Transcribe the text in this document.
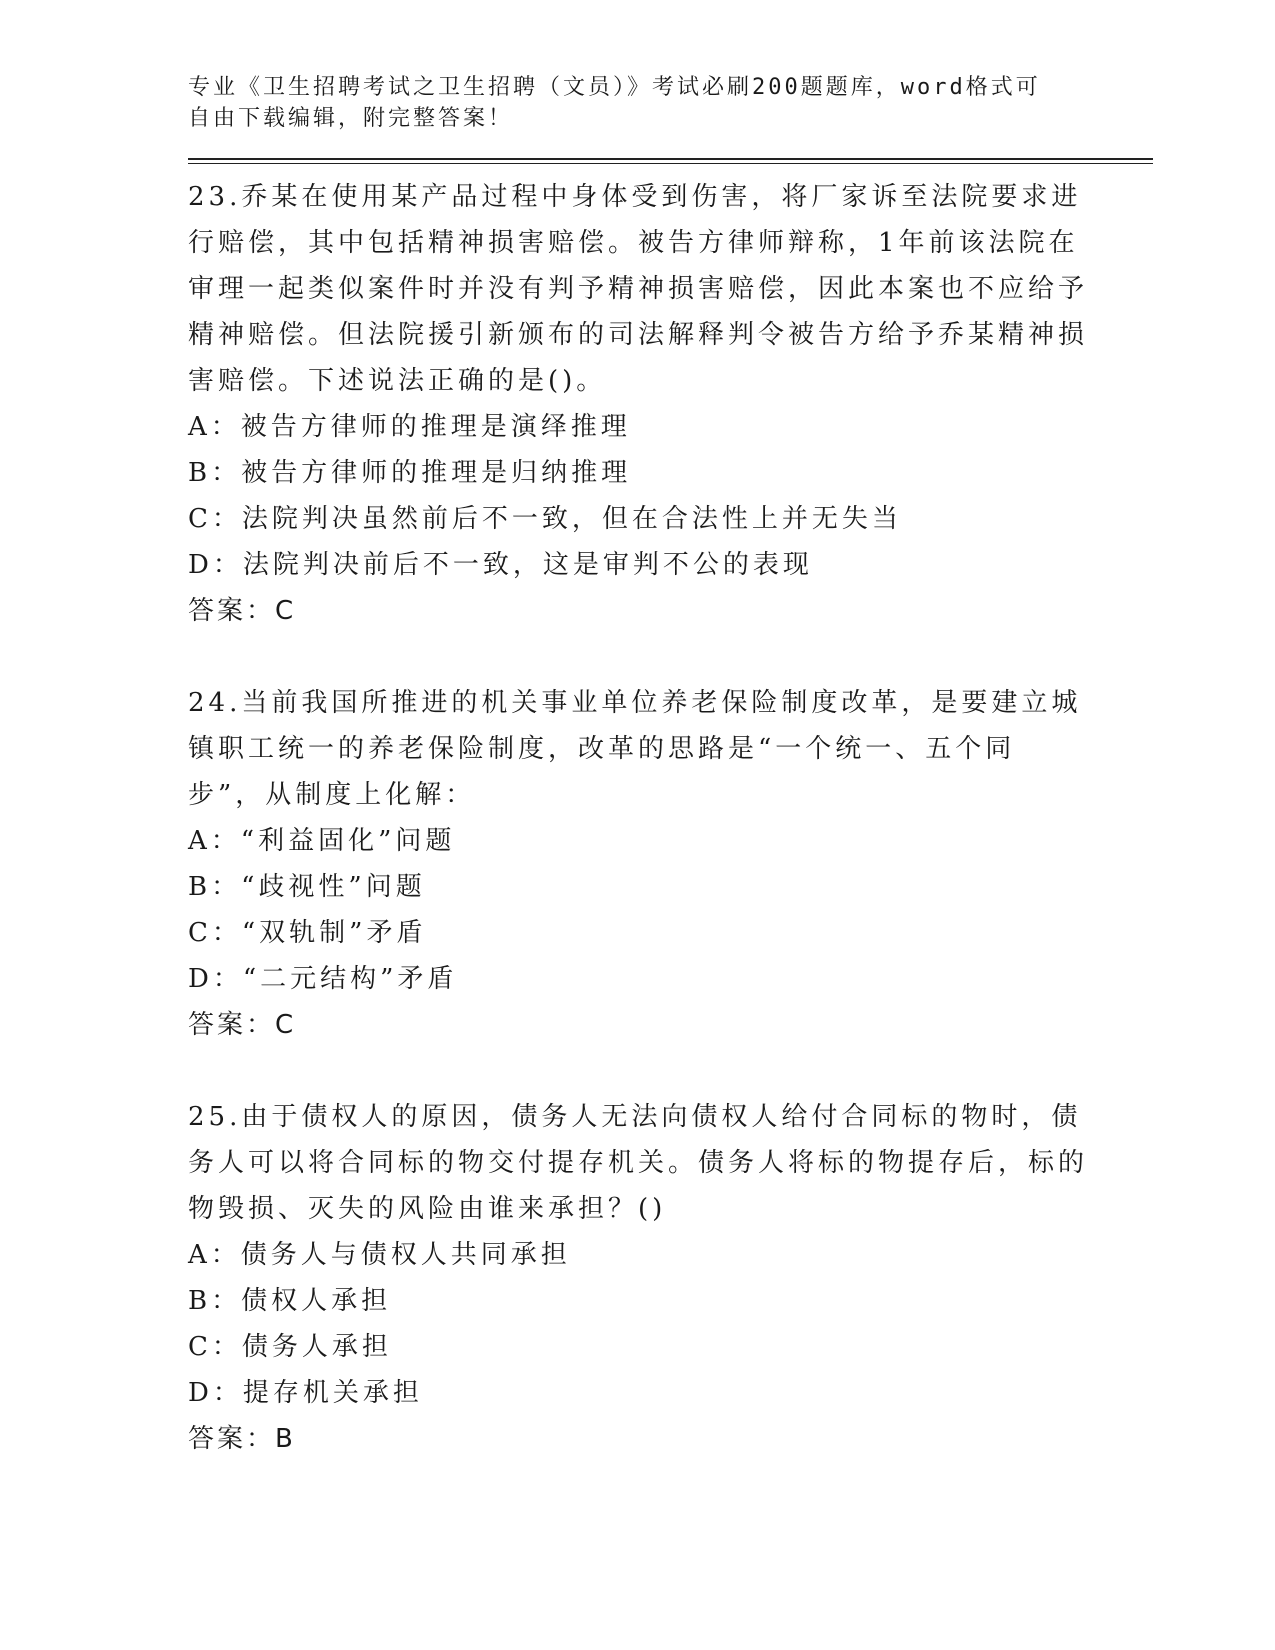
专业《卫生招聘考试之卫生招聘（文员）》考试必刷200题题库，word格式可自由下载编辑，附完整答案！
23.乔某在使用某产品过程中身体受到伤害，将厂家诉至法院要求进行赔偿，其中包括精神损害赔偿。被告方律师辩称，1年前该法院在审理一起类似案件时并没有判予精神损害赔偿，因此本案也不应给予精神赔偿。但法院援引新颁布的司法解释判令被告方给予乔某精神损害赔偿。下述说法正确的是()。
A：被告方律师的推理是演绎推理
B：被告方律师的推理是归纳推理
C：法院判决虽然前后不一致，但在合法性上并无失当
D：法院判决前后不一致，这是审判不公的表现
答案：C
24.当前我国所推进的机关事业单位养老保险制度改革，是要建立城镇职工统一的养老保险制度，改革的思路是“一个统一、五个同步”，从制度上化解：
A：“利益固化”问题
B：“歧视性”问题
C：“双轨制”矛盾
D：“二元结构”矛盾
答案：C
25.由于债权人的原因，债务人无法向债权人给付合同标的物时，债务人可以将合同标的物交付提存机关。债务人将标的物提存后，标的物毁损、灭失的风险由谁来承担？()
A：债务人与债权人共同承担
B：债权人承担
C：债务人承担
D：提存机关承担
答案：B
